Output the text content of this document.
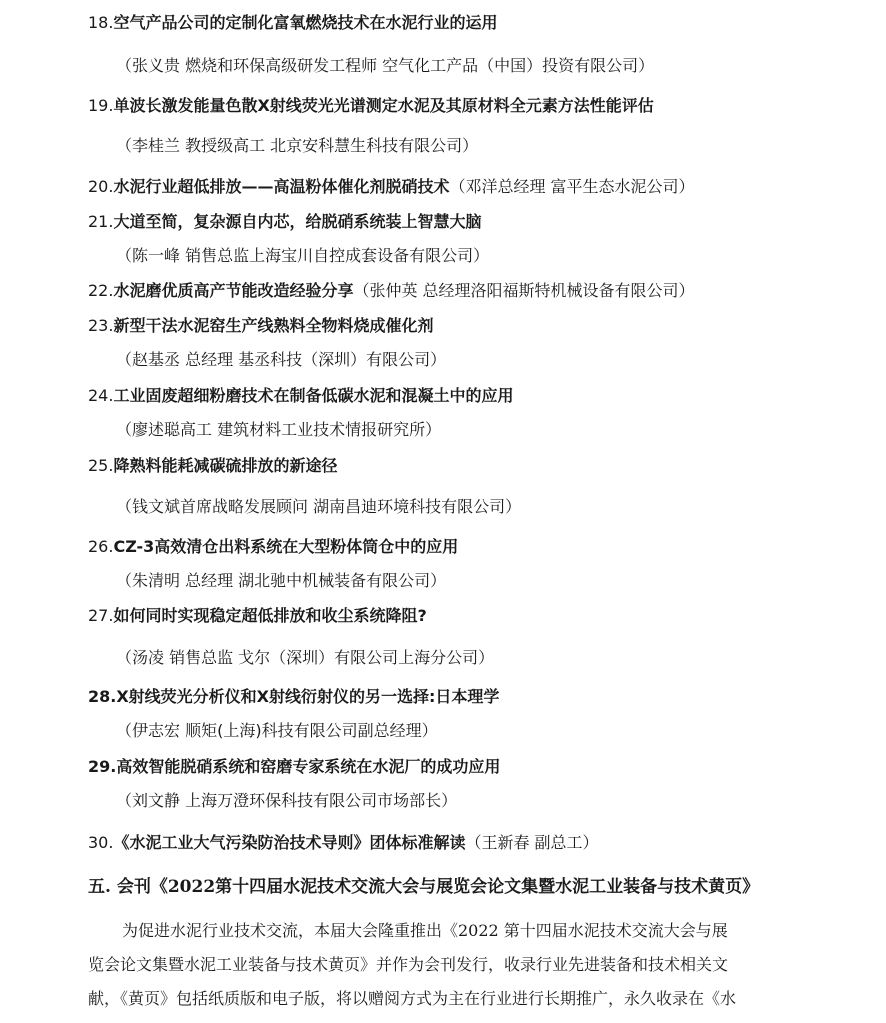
18.空气产品公司的定制化富氧燃烧技术在水泥行业的运用
（张义贵 燃烧和环保高级研发工程师 空气化工产品（中国）投资有限公司）
19.单波长激发能量色散X射线荧光光谱测定水泥及其原材料全元素方法性能评估
（李桂兰 教授级高工 北京安科慧生科技有限公司）
20.水泥行业超低排放——高温粉体催化剂脱硝技术（邓洋总经理 富平生态水泥公司）
21.大道至简，复杂源自内芯，给脱硝系统装上智慧大脑
（陈一峰 销售总监上海宝川自控成套设备有限公司）
22.水泥磨优质高产节能改造经验分享（张仲英 总经理洛阳福斯特机械设备有限公司）
23.新型干法水泥窑生产线熟料全物料烧成催化剂
（赵基丞 总经理 基丞科技（深圳）有限公司）
24.工业固废超细粉磨技术在制备低碳水泥和混凝土中的应用
（廖述聪高工 建筑材料工业技术情报研究所）
25.降熟料能耗减碳硫排放的新途径
（钱文斌首席战略发展顾问 湖南昌迪环境科技有限公司）
26.CZ-3高效清仓出料系统在大型粉体筒仓中的应用
（朱清明 总经理 湖北驰中机械装备有限公司）
27.如何同时实现稳定超低排放和收尘系统降阻?
（汤凌 销售总监 戈尔（深圳）有限公司上海分公司）
28.X射线荧光分析仪和X射线衍射仪的另一选择:日本理学
（伊志宏 顺矩(上海)科技有限公司副总经理）
29.高效智能脱硝系统和窑磨专家系统在水泥厂的成功应用
（刘文静 上海万澄环保科技有限公司市场部长）
30.《水泥工业大气污染防治技术导则》团体标准解读（王新春 副总工）
五. 会刊《2022第十四届水泥技术交流大会与展览会论文集暨水泥工业装备与技术黄页》
为促进水泥行业技术交流，本届大会隆重推出《2022 第十四届水泥技术交流大会与展
览会论文集暨水泥工业装备与技术黄页》并作为会刊发行，收录行业先进装备和技术相关文
献，《黄页》包括纸质版和电子版，将以赠阅方式为主在行业进行长期推广，永久收录在《水
